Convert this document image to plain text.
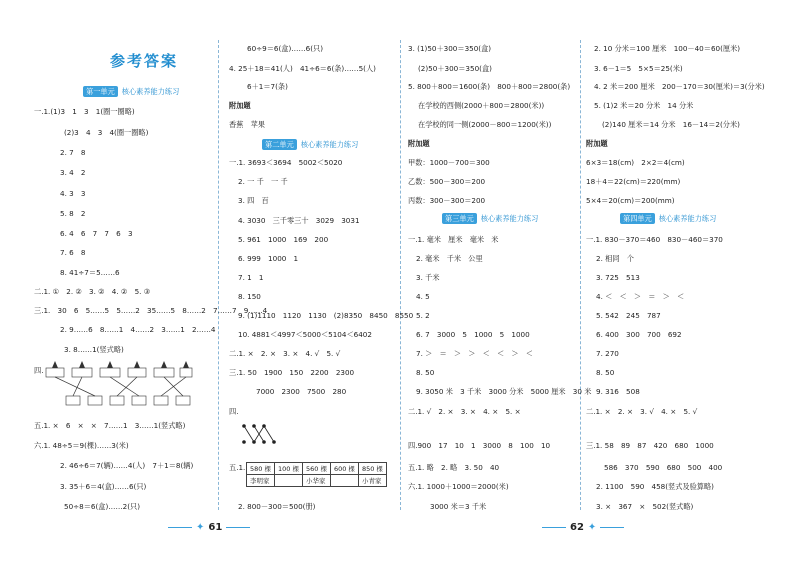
参考答案
第一单元 核心素养能力练习
第二单元 核心素养能力练习
第三单元 核心素养能力练习	第四单元 核心素养能力练习
一.1.(1)3　1　3　1(圈一圈略)
(2)3　4　3　4(圈一圈略)
2. 7　8
3. 4　2
4. 3　3
5. 8　2
6. 4　6　7　7　6　3
7. 6　8
8. 41÷7＝5……6
二.1. ①　2. ②　3. ②　4. ②　5. ③
三.1.　30　6　5……5　5……2　35……5　8……2　7……7　9……4
2. 9……6　8……1　4……2　3……1　2……4
3. 8……1(竖式略)
四.
五.1. ×　6　×　×　7……1　3……1(竖式略)
六.1. 48÷5＝9(棵)……3(米)
2. 46÷6＝7(辆)……4(人)　7＋1＝8(辆)
3. 35＋6＝4(盒)……6(只)
50÷8＝6(盒)……2(只)
60÷9＝6(盒)……6(只)
4. 25＋18＝41(人)　41÷6＝6(条)……5(人)
6＋1＝7(条)
附加题
香蕉　苹果
一.1. 3693＜3694　5002＜5020
2. 一 千　一 千
3. 四　百
4. 3030　三千零三十　3029　3031
5. 961　1000　169　200
6. 999　1000　1
7. 1　1
8. 150
9. (1)1110　1120　1130　(2)8350　8450　8550
10. 4881＜4997＜5000＜5104＜6402
二.1. ×　2. ×　3. ×　4. √　5. √
三.1. 50　1900　150　2200　2300
7000　2300　7500　280
四.
五.1. 580 棵	100 棵	560 棵	600 棵	850 棵
李明家		小华家		小青家
2. 800－300＝500(册)
3. (1)50＋300＝350(盒)
(2)50＋300＝350(盒)
5. 800＋800＝1600(条)　800＋800＝2800(条)
在学校的西侧(2000＋800＝2800(米))
在学校的同一侧(2000－800＝1200(米))
附加题
甲数：1000－700＝300
乙数：500－300＝200
丙数：300－300＝200
一.1. 毫米　厘米　毫米　米
2. 毫米　千米　公里
3. 千米
4. 5
5. 2
6. 7　3000　5　1000　5　1000
7. ＞　＝　＞　＞　＜　＜　＞　＜
8. 50
9. 3050 米　3 千米　3000 分米　5000 厘米　30 米
二.1. √　2. ×　3. ×　4. ×　5. ×
四.900　17　10　1　3000　8　100　10
五.1. 略　2. 略　3. 50　40
六.1. 1000＋1000＝2000(米)
3000 米＝3 千米
2. 10 分米＝100 厘米　100－40＝60(厘米)
3. 6－1＝5　5×5＝25(米)
4. 2 米＝200 厘米　200－170＝30(厘米)＝3(分米)
5. (1)2 米＝20 分米　14 分米
(2)140 厘米＝14 分米　16－14＝2(分米)
附加题
6×3＝18(cm)　2×2＝4(cm)
18＋4＝22(cm)＝220(mm)
5×4＝20(cm)＝200(mm)
一.1. 830－370＝460　830－460＝370
2. 相同　个
3. 725　513
4. ＜　＜　＞　＝　＞　＜
5. 542　245　787
6. 400　300　700　692
7. 270
8. 50
9. 316　508
二.1. ×　2. ×　3. √　4. ×　5. √
三.1. 58　89　87　420　680　1000
586　370　590　680　500　400
2. 1100　590　458(竖式及验算略)
3. ×　367　×　502(竖式略)
✦ 61	62 ✦
